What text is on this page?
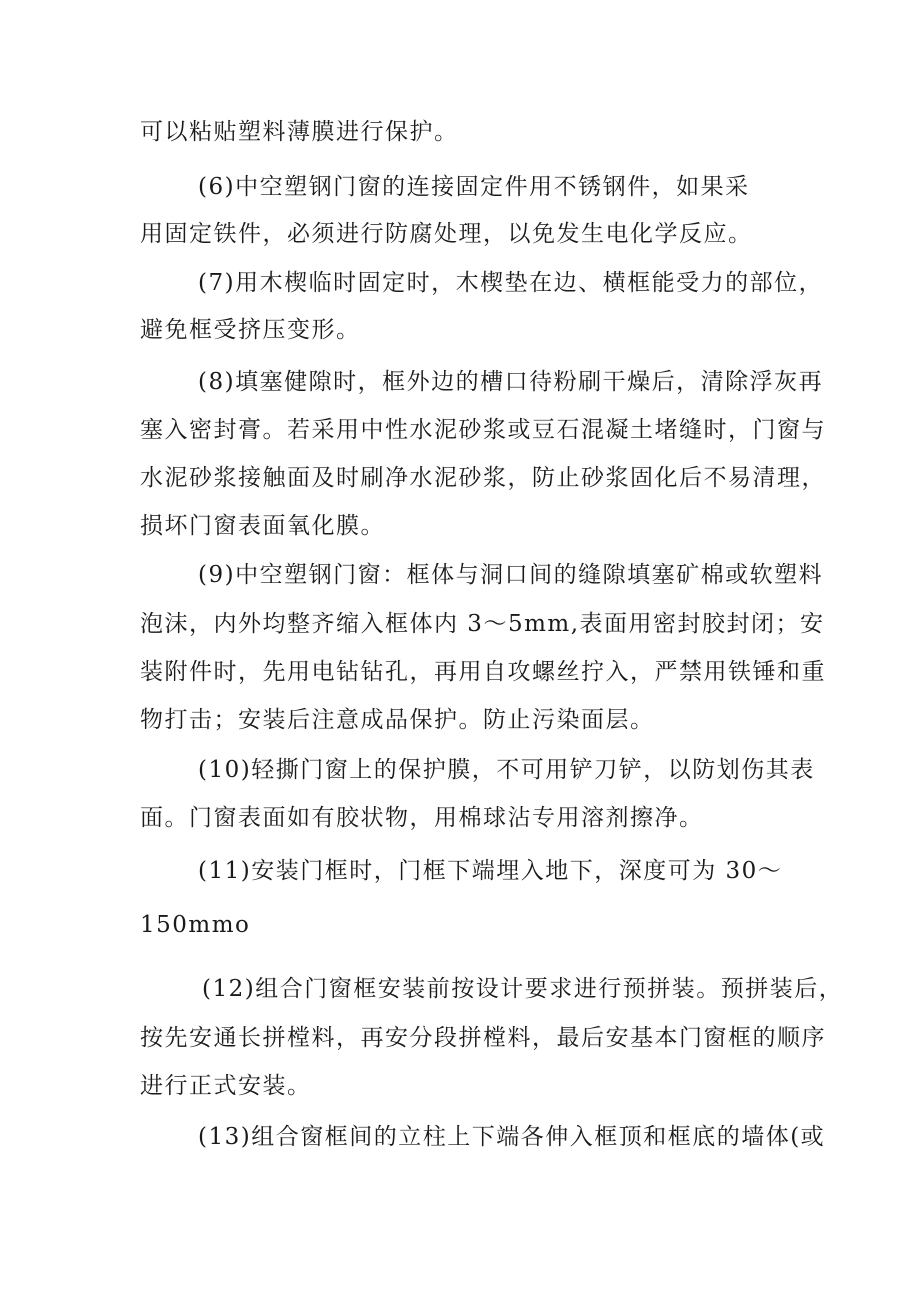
可以粘贴塑料薄膜进行保护。
(6)中空塑钢门窗的连接固定件用不锈钢件，如果采
用固定铁件，必须进行防腐处理，以免发生电化学反应。
(7)用木楔临时固定时，木楔垫在边、横框能受力的部位，
避免框受挤压变形。
(8)填塞健隙时，框外边的槽口待粉刷干燥后，清除浮灰再
塞入密封膏。若采用中性水泥砂浆或豆石混凝土堵缝时，门窗与
水泥砂浆接触面及时刷净水泥砂浆，防止砂浆固化后不易清理，
损坏门窗表面氧化膜。
(9)中空塑钢门窗：框体与洞口间的缝隙填塞矿棉或软塑料
泡沫，内外均整齐缩入框体内 3～5mm,表面用密封胶封闭；安
装附件时，先用电钻钻孔，再用自攻螺丝拧入，严禁用铁锤和重
物打击；安装后注意成品保护。防止污染面层。
(10)轻撕门窗上的保护膜，不可用铲刀铲，以防划伤其表
面。门窗表面如有胶状物，用棉球沾专用溶剂擦净。
(11)安装门框时，门框下端埋入地下，深度可为 30～
150mmo
(12)组合门窗框安装前按设计要求进行预拼装。预拼装后，
按先安通长拼樘料，再安分段拼樘料，最后安基本门窗框的顺序
进行正式安装。
(13)组合窗框间的立柱上下端各伸入框顶和框底的墙体(或
